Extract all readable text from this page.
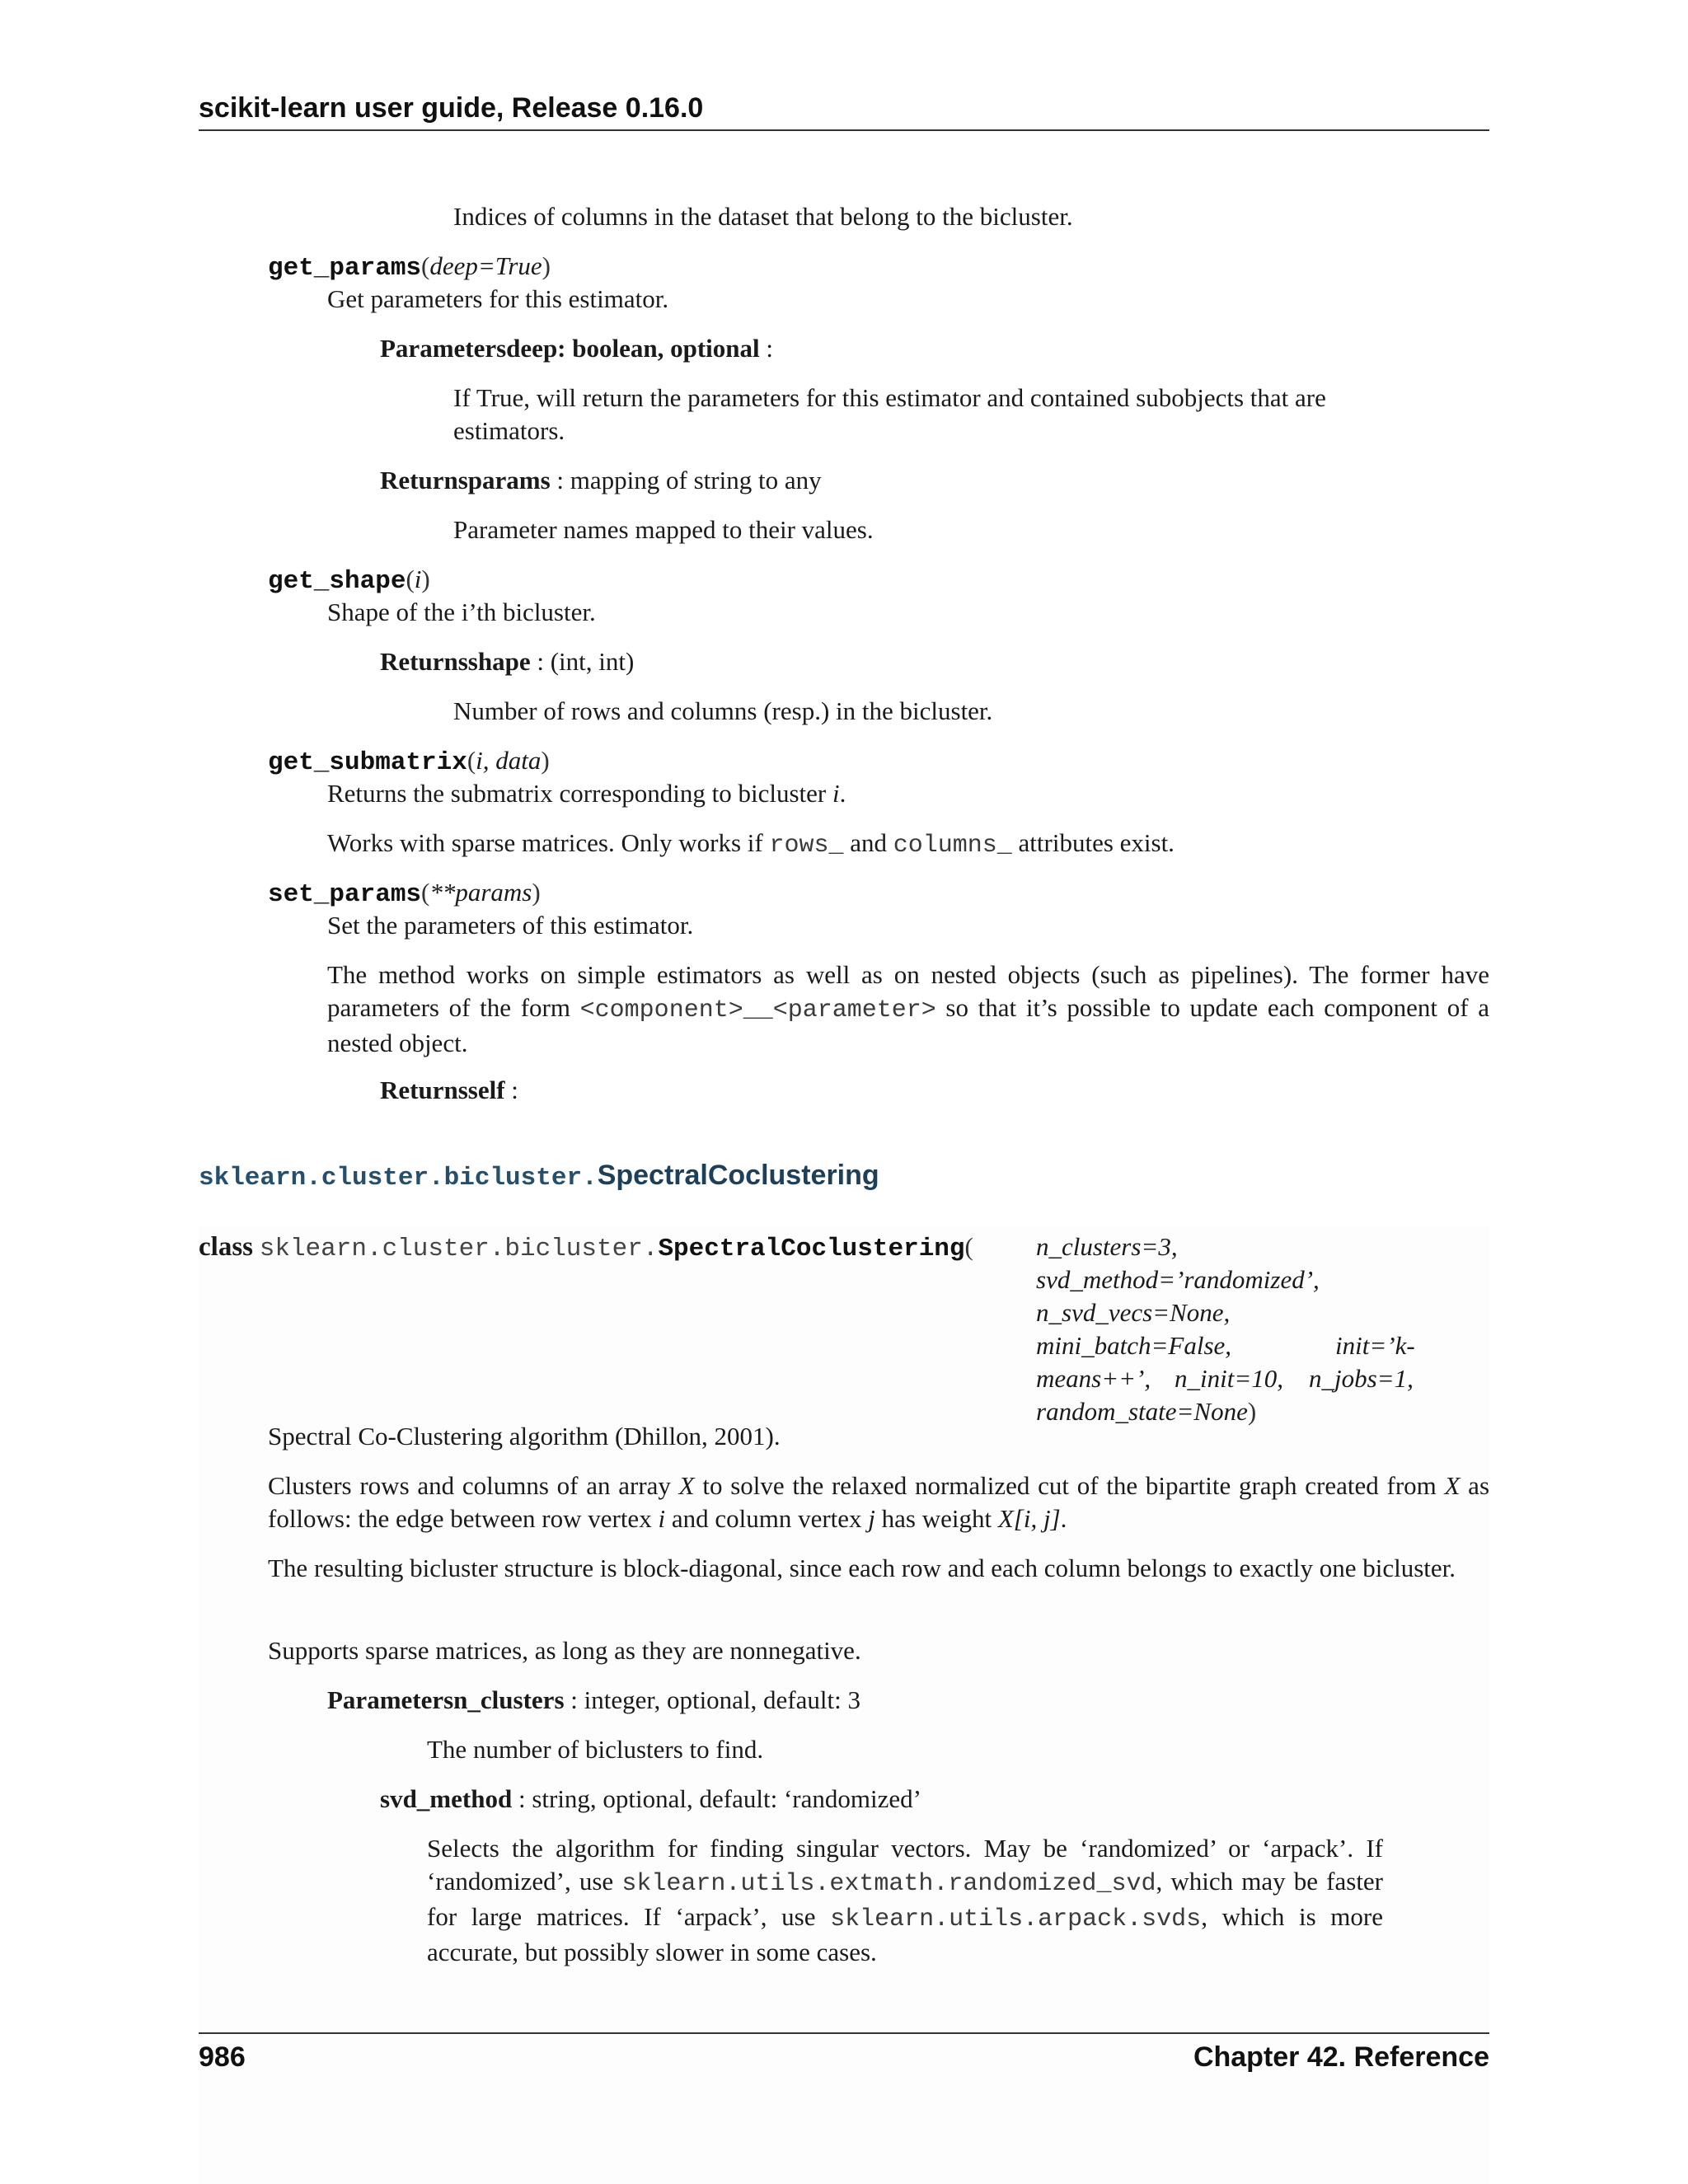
scikit-learn user guide, Release 0.16.0
Indices of columns in the dataset that belong to the bicluster.
get_params(deep=True)
Get parameters for this estimator.
Parametersdeep: boolean, optional :
If True, will return the parameters for this estimator and contained subobjects that are estimators.
Returnsparams : mapping of string to any
Parameter names mapped to their values.
get_shape(i)
Shape of the i’th bicluster.
Returnsshape : (int, int)
Number of rows and columns (resp.) in the bicluster.
get_submatrix(i, data)
Returns the submatrix corresponding to bicluster i.
Works with sparse matrices. Only works if rows_ and columns_ attributes exist.
set_params(**params)
Set the parameters of this estimator.
The method works on simple estimators as well as on nested objects (such as pipelines). The former have parameters of the form <component>__<parameter> so that it’s possible to update each component of a nested object.
Returnsself :
sklearn.cluster.bicluster.SpectralCoclustering
class sklearn.cluster.bicluster.SpectralCoclustering( n_clusters=3,
svd_method=’randomized’,
n_svd_vecs=None,
mini_batch=False,	init=’k-
means++’, n_init=10, n_jobs=1,
random_state=None)
Spectral Co-Clustering algorithm (Dhillon, 2001).
Clusters rows and columns of an array X to solve the relaxed normalized cut of the bipartite graph created from X as follows: the edge between row vertex i and column vertex j has weight X[i, j].
The resulting bicluster structure is block-diagonal, since each row and each column belongs to exactly one bicluster.
Supports sparse matrices, as long as they are nonnegative.
Parametersn_clusters : integer, optional, default: 3
The number of biclusters to find.
svd_method : string, optional, default: ‘randomized’
Selects the algorithm for finding singular vectors. May be ‘randomized’ or ‘arpack’. If ‘randomized’, use sklearn.utils.extmath.randomized_svd, which may be faster for large matrices. If ‘arpack’, use sklearn.utils.arpack.svds, which is more accurate, but possibly slower in some cases.
986	Chapter 42. Reference
